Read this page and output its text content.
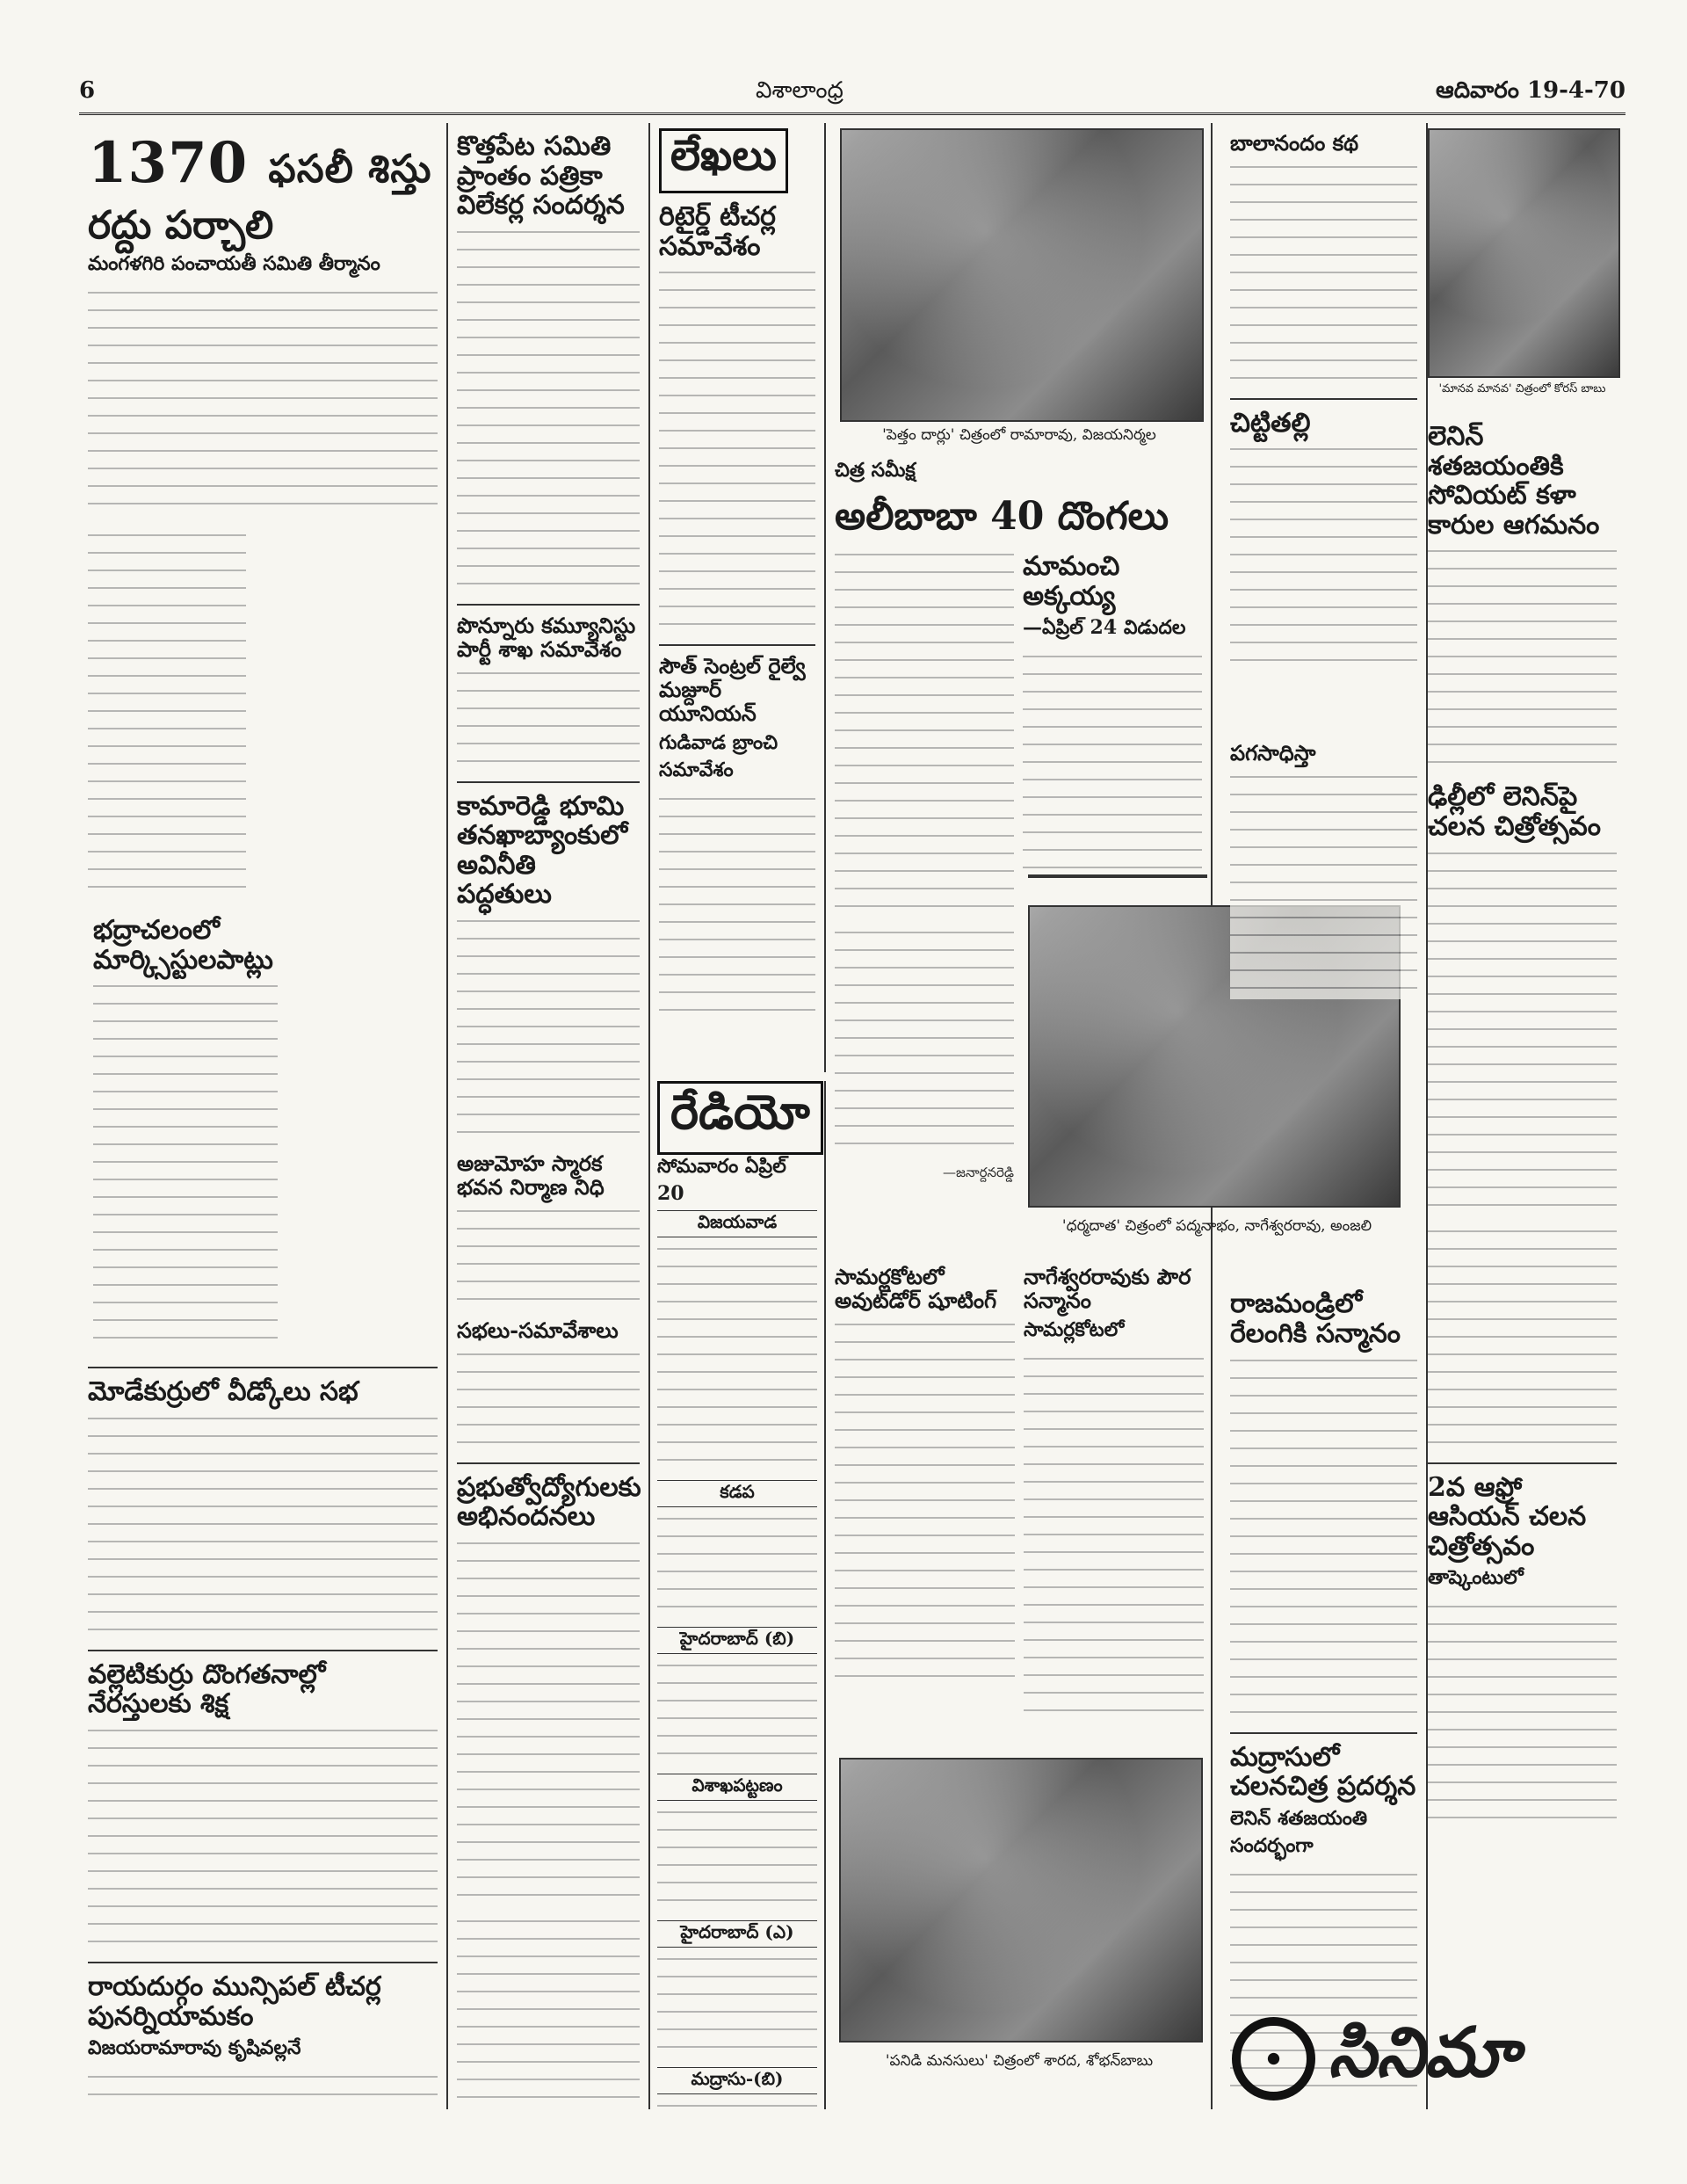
6	విశాలాంధ్ర	ఆదివారం 19-4-70
1370 ఫసలీ శిస్తు
రద్దు పర్చాలి
మంగళగిరి పంచాయతీ సమితి తీర్మానం

భద్రాచలంలో మార్క్సిస్టులపాట్లు
మోడేకుర్రులో వీడ్కోలు సభ
వల్లెటికుర్రు దొంగతనాల్లో నేరస్తులకు శిక్ష
రాయదుర్గం మున్సిపల్ టీచర్ల పునర్నియామకం
విజయరామారావు కృషివల్లనే
కొత్తపేట సమితి ప్రాంతం పత్రికా విలేకర్ల సందర్శన
పొన్నూరు కమ్యూనిస్టు పార్టీ శాఖ సమావేశం
కామారెడ్డి భూమి తనఖాబ్యాంకులో అవినీతి పద్ధతులు
అజుమోహ స్మారక భవన నిర్మాణ నిధి
సభలు-సమావేశాలు
ప్రభుత్వోద్యోగులకు అభినందనలు
లేఖలు
రిటైర్డ్ టీచర్ల సమావేశం
సౌత్ సెంట్రల్ రైల్వే మజ్దూర్ యూనియన్
గుడివాడ బ్రాంచి సమావేశం
రేడియో
సోమవారం ఏప్రిల్ 20
విజయవాడ
కడప
హైదరాబాద్ (బి)
విశాఖపట్టణం
హైదరాబాద్ (ఎ)
మద్రాసు-(బి)
'పెత్తం దార్లు' చిత్రంలో రామారావు, విజయనిర్మల
చిత్ర సమీక్ష
అలీబాబా 40 దొంగలు
—జనార్దనరెడ్డి
మామంచి అక్కయ్య
—ఏప్రిల్ 24 విడుదల
'ధర్మదాత' చిత్రంలో పద్మనాభం, నాగేశ్వరరావు, అంజలి
సామర్లకోటలో అవుట్‌డోర్ షూటింగ్
నాగేశ్వరరావుకు పౌర సన్మానం
సామర్లకోటలో
'పనిడి మనసులు' చిత్రంలో శారద, శోభన్‌బాబు
బాలానందం కథ
చిట్టితల్లి
పగసాధిస్తా
రాజమండ్రిలో రేలంగికి సన్మానం
మద్రాసులో చలనచిత్ర ప్రదర్శన
లెనిన్ శతజయంతి సందర్భంగా
'మానవ మానవ' చిత్రంలో కోరస్ బాబు
లెనిన్ శతజయంతికి సోవియట్ కళా కారుల ఆగమనం
ఢిల్లీలో లెనిన్‌పై చలన చిత్రోత్సవం
2వ ఆఫ్రో ఆసియన్ చలన చిత్రోత్సవం
తాష్కెంటులో
సినిమా
